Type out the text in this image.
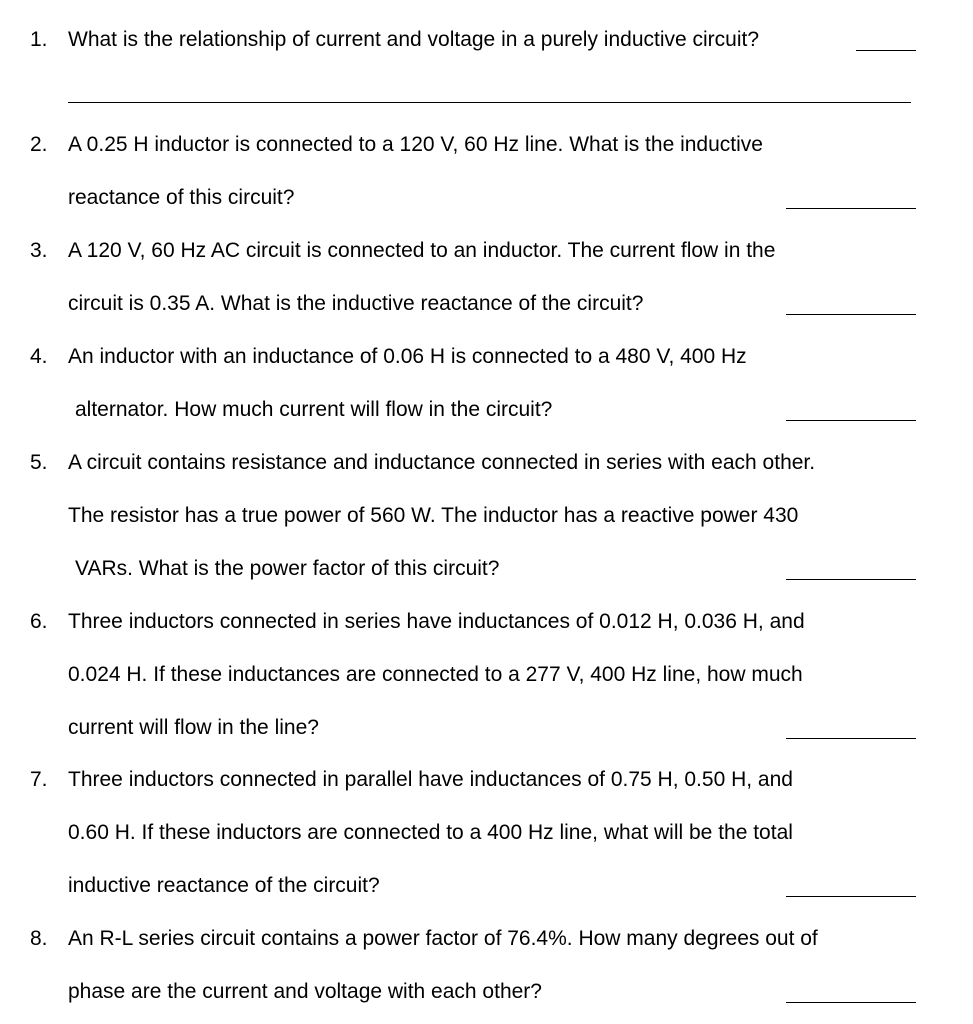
1. What is the relationship of current and voltage in a purely inductive circuit?
2. A 0.25 H inductor is connected to a 120 V, 60 Hz line. What is the inductive
reactance of this circuit?
3. A 120 V, 60 Hz AC circuit is connected to an inductor. The current flow in the
circuit is 0.35 A. What is the inductive reactance of the circuit?
4. An inductor with an inductance of 0.06 H is connected to a 480 V, 400 Hz
alternator. How much current will flow in the circuit?
5. A circuit contains resistance and inductance connected in series with each other.
The resistor has a true power of 560 W. The inductor has a reactive power 430
VARs. What is the power factor of this circuit?
6. Three inductors connected in series have inductances of 0.012 H, 0.036 H, and
0.024 H. If these inductances are connected to a 277 V, 400 Hz line, how much
current will flow in the line?
7. Three inductors connected in parallel have inductances of 0.75 H, 0.50 H, and
0.60 H. If these inductors are connected to a 400 Hz line, what will be the total
inductive reactance of the circuit?
8. An R-L series circuit contains a power factor of 76.4%. How many degrees out of
phase are the current and voltage with each other?
